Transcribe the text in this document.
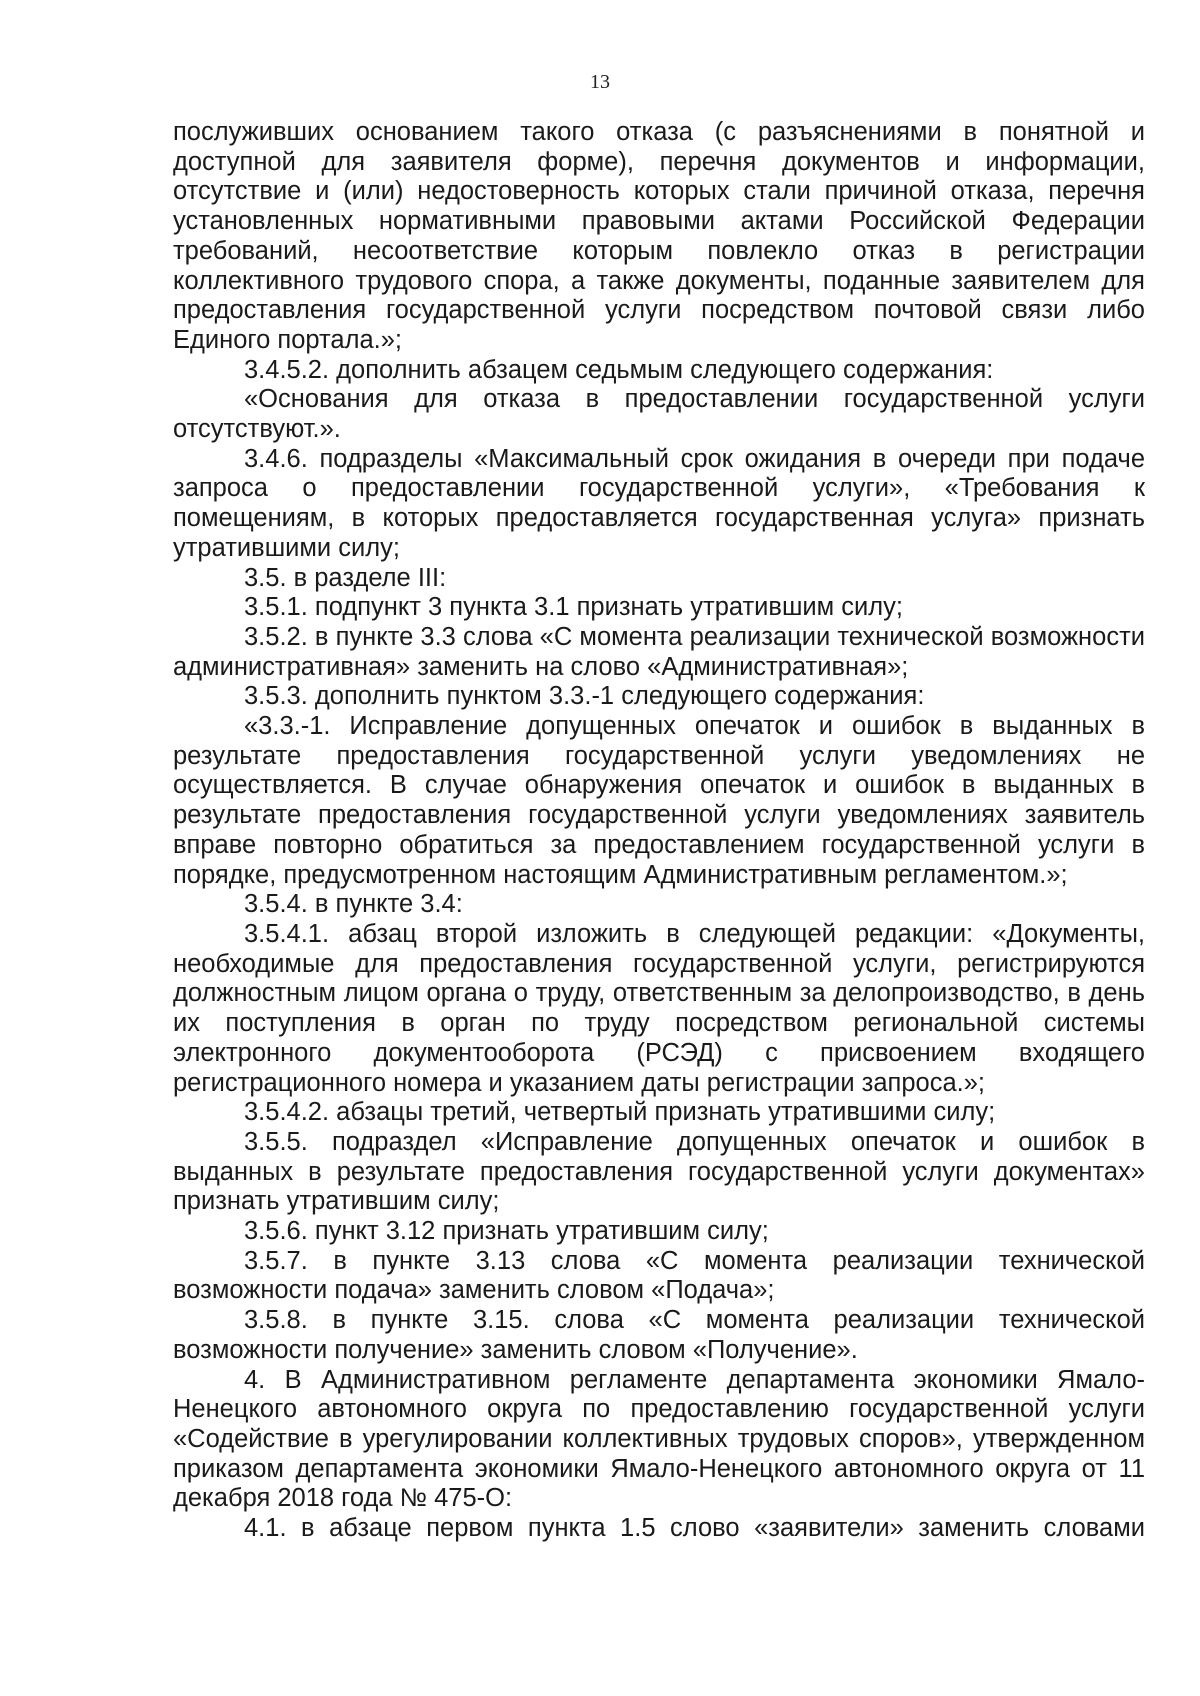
13

послуживших основанием такого отказа (с разъяснениями в понятной и доступной для заявителя форме), перечня документов и информации, отсутствие и (или) недостоверность которых стали причиной отказа, перечня установленных нормативными правовыми актами Российской Федерации требований, несоответствие которым повлекло отказ в регистрации коллективного трудового спора, а также документы, поданные заявителем для предоставления государственной услуги посредством почтовой связи либо Единого портала.»;

3.4.5.2. дополнить абзацем седьмым следующего содержания:

«Основания для отказа в предоставлении государственной услуги отсутствуют.».

3.4.6. подразделы «Максимальный срок ожидания в очереди при подаче запроса о предоставлении государственной услуги», «Требования к помещениям, в которых предоставляется государственная услуга» признать утратившими силу;

3.5. в разделе III:

3.5.1. подпункт 3 пункта 3.1 признать утратившим силу;

3.5.2. в пункте 3.3 слова «С момента реализации технической возможности административная» заменить на слово «Административная»;

3.5.3. дополнить пунктом 3.3.-1 следующего содержания:

«3.3.-1. Исправление допущенных опечаток и ошибок в выданных в результате предоставления государственной услуги уведомлениях не осуществляется. В случае обнаружения опечаток и ошибок в выданных в результате предоставления государственной услуги уведомлениях заявитель вправе повторно обратиться за предоставлением государственной услуги в порядке, предусмотренном настоящим Административным регламентом.»;

3.5.4. в пункте 3.4:

3.5.4.1. абзац второй изложить в следующей редакции: «Документы, необходимые для предоставления государственной услуги, регистрируются должностным лицом органа о труду, ответственным за делопроизводство, в день их поступления в орган по труду посредством региональной системы электронного документооборота (РСЭД) с присвоением входящего регистрационного номера и указанием даты регистрации запроса.»;

3.5.4.2. абзацы третий, четвертый признать утратившими силу;

3.5.5. подраздел «Исправление допущенных опечаток и ошибок в выданных в результате предоставления государственной услуги документах» признать утратившим силу;

3.5.6. пункт 3.12 признать утратившим силу;

3.5.7. в пункте 3.13 слова «С момента реализации технической возможности подача» заменить словом «Подача»;

3.5.8. в пункте 3.15. слова «С момента реализации технической возможности получение» заменить словом «Получение».

4. В Административном регламенте департамента экономики Ямало-Ненецкого автономного округа по предоставлению государственной услуги «Содействие в урегулировании коллективных трудовых споров», утвержденном приказом департамента экономики Ямало-Ненецкого автономного округа от 11 декабря 2018 года № 475-О:

4.1. в абзаце первом пункта 1.5 слово «заявители» заменить словами
